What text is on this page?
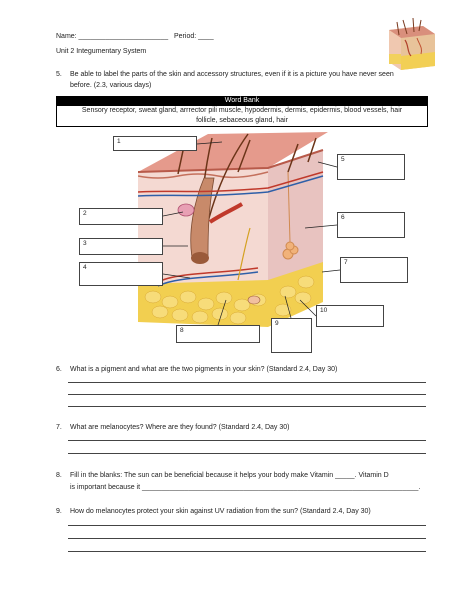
Name: _______________________ Period: ____
Unit 2 Integumentary System
5. Be able to label the parts of the skin and accessory structures, even if it is a picture you have never seen
before. (2.3, various days)
Word Bank
Sensory receptor, sweat gland, arrrector pili muscle, hypodermis, dermis, epidermis, blood vessels, hair
follicle, sebaceous gland, hair
1
2
3
4
5
6
7
8
9
10
6. What is a pigment and what are the two pigments in your skin? (Standard 2.4, Day 30)
7. What are melanocytes? Where are they found? (Standard 2.4, Day 30)
8. Fill in the blanks: The sun can be beneficial because it helps your body make Vitamin _____. Vitamin D
is important because it _______________________________________________________________________.
9. How do melanocytes protect your skin against UV radiation from the sun? (Standard 2.4, Day 30)
